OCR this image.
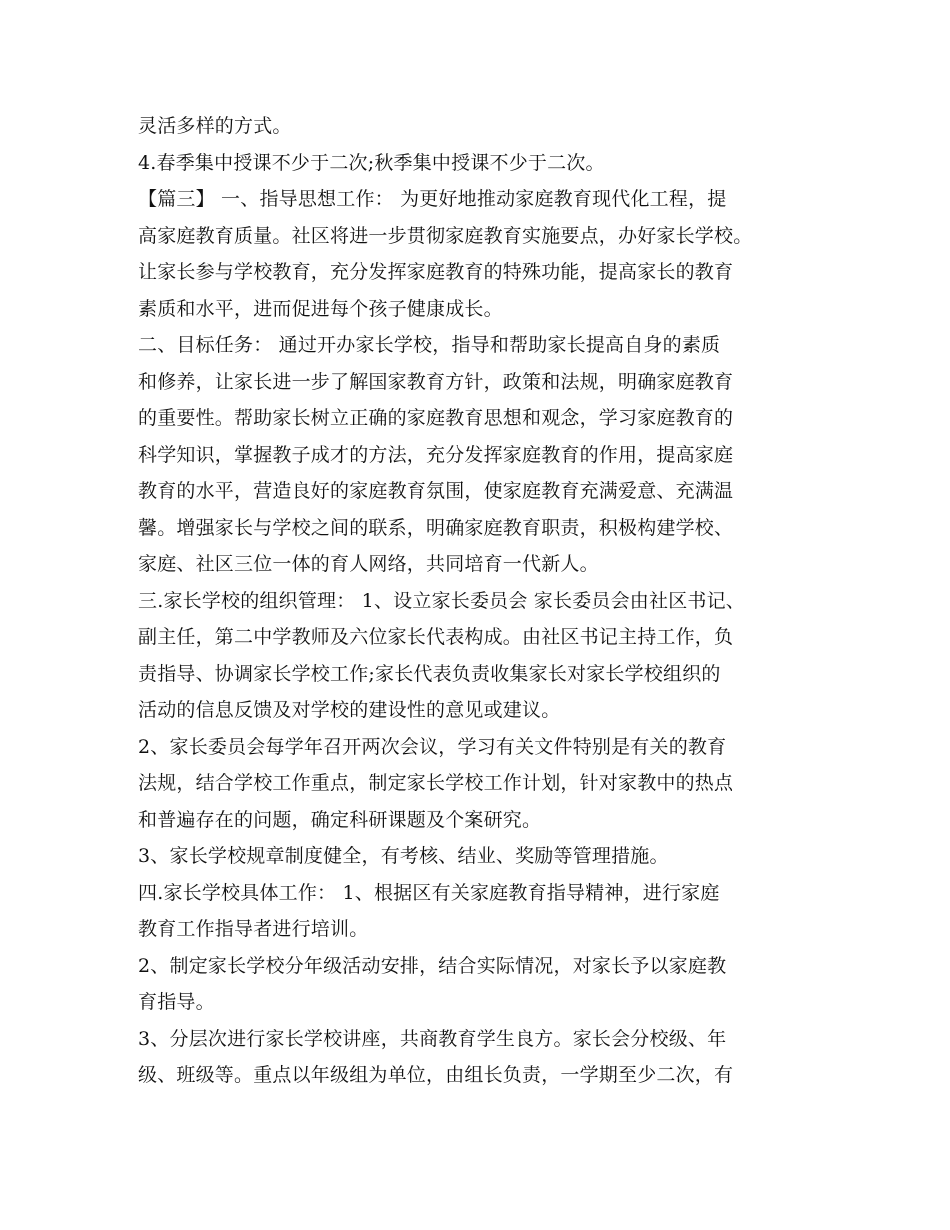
灵活多样的方式。
4.春季集中授课不少于二次;秋季集中授课不少于二次。
【篇三】 一、指导思想工作： 为更好地推动家庭教育现代化工程，提
高家庭教育质量。社区将进一步贯彻家庭教育实施要点，办好家长学校。
让家长参与学校教育，充分发挥家庭教育的特殊功能，提高家长的教育
素质和水平，进而促进每个孩子健康成长。
二、目标任务： 通过开办家长学校，指导和帮助家长提高自身的素质
和修养，让家长进一步了解国家教育方针，政策和法规，明确家庭教育
的重要性。帮助家长树立正确的家庭教育思想和观念，学习家庭教育的
科学知识，掌握教子成才的方法，充分发挥家庭教育的作用，提高家庭
教育的水平，营造良好的家庭教育氛围，使家庭教育充满爱意、充满温
馨。增强家长与学校之间的联系，明确家庭教育职责，积极构建学校、
家庭、社区三位一体的育人网络，共同培育一代新人。
三.家长学校的组织管理： 1、设立家长委员会 家长委员会由社区书记、
副主任，第二中学教师及六位家长代表构成。由社区书记主持工作，负
责指导、协调家长学校工作;家长代表负责收集家长对家长学校组织的
活动的信息反馈及对学校的建设性的意见或建议。
2、家长委员会每学年召开两次会议，学习有关文件特别是有关的教育
法规，结合学校工作重点，制定家长学校工作计划，针对家教中的热点
和普遍存在的问题，确定科研课题及个案研究。
3、家长学校规章制度健全，有考核、结业、奖励等管理措施。
四.家长学校具体工作： 1、根据区有关家庭教育指导精神，进行家庭
教育工作指导者进行培训。
2、制定家长学校分年级活动安排，结合实际情况，对家长予以家庭教
育指导。
3、分层次进行家长学校讲座，共商教育学生良方。家长会分校级、年
级、班级等。重点以年级组为单位，由组长负责，一学期至少二次，有
